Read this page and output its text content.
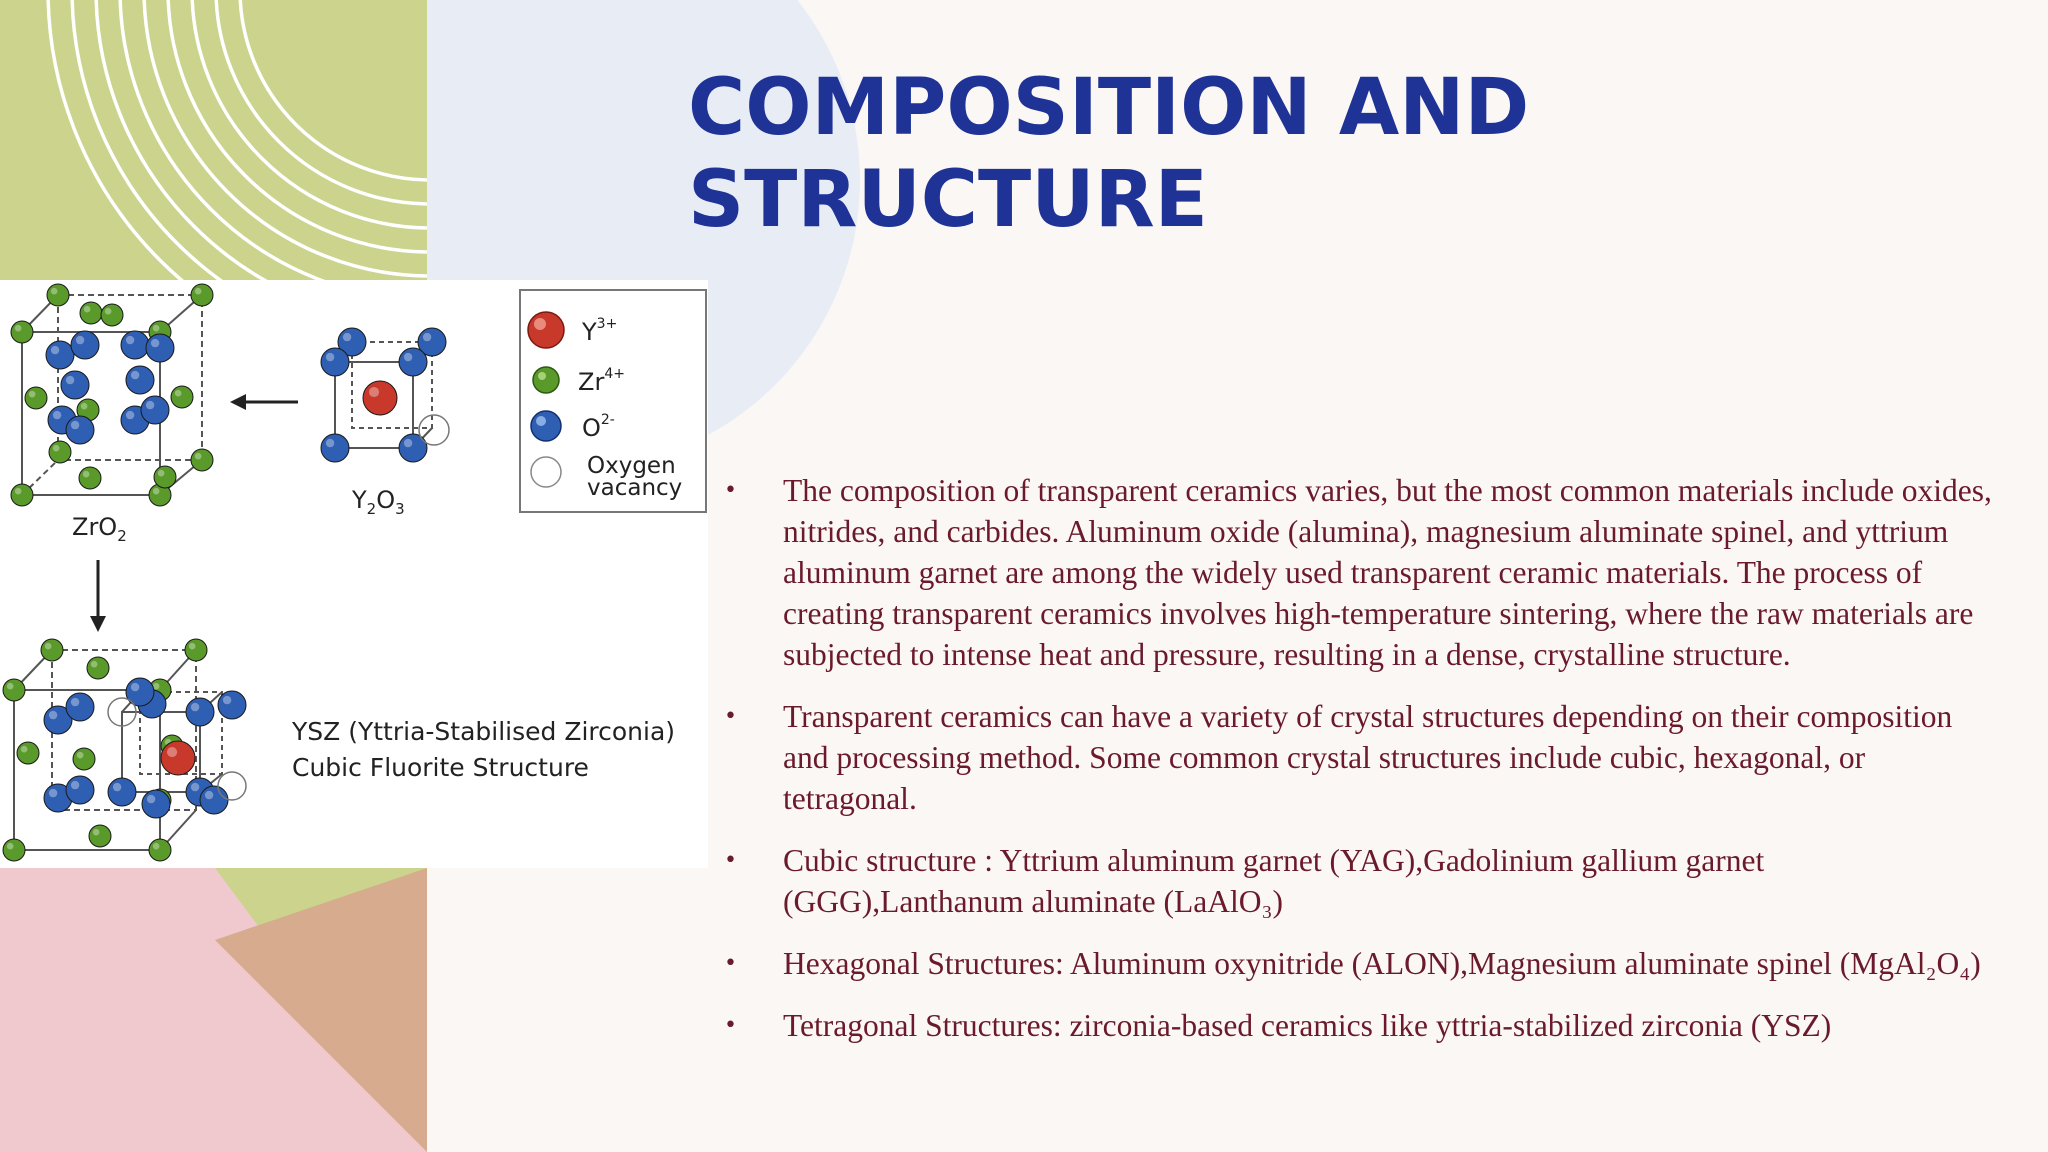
COMPOSITION AND
STRUCTURE
ZrO$_2$
$Y_2O_3$
$Y^{3+}$
$Zr^{4+}$
$O^{2-}$
Oxygen
vacancy
YSZ (Yttria-Stabilised Zirconia)
Cubic Fluorite Structure
• The composition of transparent ceramics varies, but the most common materials include oxides, nitrides, and carbides. Aluminum oxide (alumina), magnesium aluminate spinel, and yttrium aluminum garnet are among the widely used transparent ceramic materials. The process of creating transparent ceramics involves high-temperature sintering, where the raw materials are subjected to intense heat and pressure, resulting in a dense, crystalline structure.
• Transparent ceramics can have a variety of crystal structures depending on their composition and processing method. Some common crystal structures include cubic, hexagonal, or tetragonal.
• Cubic structure : Yttrium aluminum garnet (YAG),Gadolinium gallium garnet (GGG),Lanthanum aluminate (LaAlO₃)
• Hexagonal Structures: Aluminum oxynitride (ALON),Magnesium aluminate spinel (MgAl₂O₄)
• Tetragonal Structures: zirconia-based ceramics like yttria-stabilized zirconia (YSZ)
